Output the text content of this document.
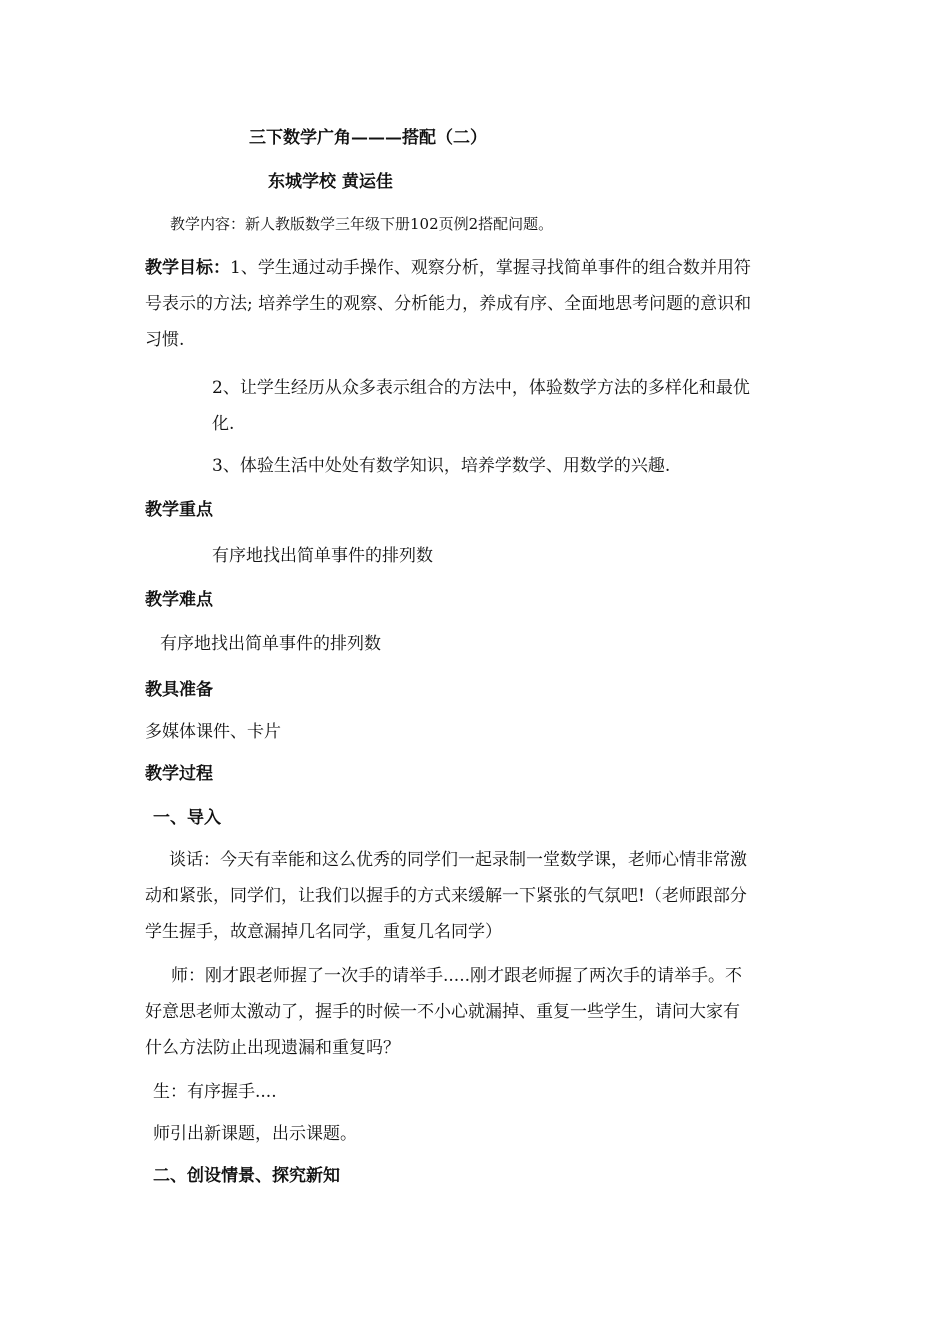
三下数学广角———搭配（二）

东城学校 黄运佳

教学内容：新人教版数学三年级下册102页例2搭配问题。

教学目标：1、学生通过动手操作、观察分析，掌握寻找简单事件的组合数并用符

号表示的方法; 培养学生的观察、分析能力，养成有序、全面地思考问题的意识和

习惯.

2、让学生经历从众多表示组合的方法中，体验数学方法的多样化和最优

化.

3、体验生活中处处有数学知识，培养学数学、用数学的兴趣.

教学重点

有序地找出简单事件的排列数

教学难点

有序地找出简单事件的排列数

教具准备

多媒体课件、卡片

教学过程

一、导入

谈话：今天有幸能和这么优秀的同学们一起录制一堂数学课，老师心情非常激

动和紧张，同学们，让我们以握手的方式来缓解一下紧张的气氛吧!（老师跟部分

学生握手，故意漏掉几名同学，重复几名同学）

师：刚才跟老师握了一次手的请举手.....刚才跟老师握了两次手的请举手。不

好意思老师太激动了，握手的时候一不小心就漏掉、重复一些学生，请问大家有

什么方法防止出现遗漏和重复吗？

生：有序握手....

师引出新课题，出示课题。

二、创设情景、探究新知
